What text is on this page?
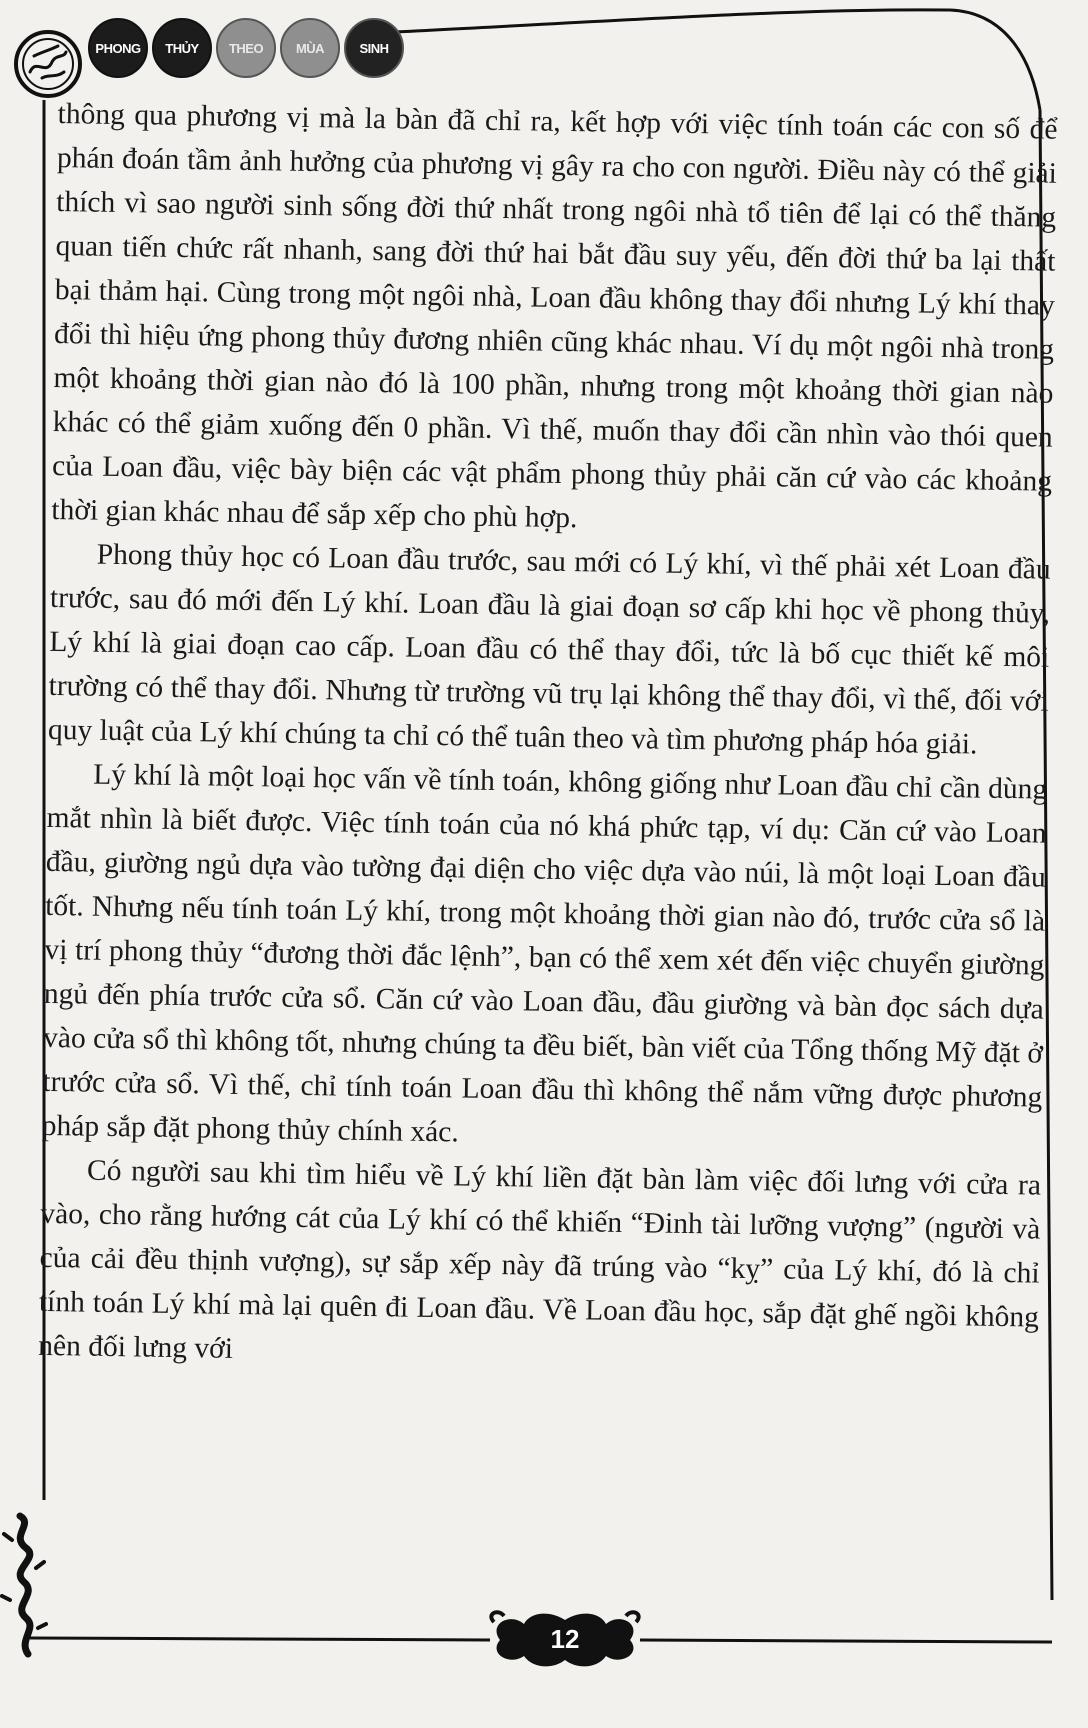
PHONG	THỦY	THEO	MÙA	SINH

thông qua phương vị mà la bàn đã chỉ ra, kết hợp với việc tính toán các con số để phán đoán tầm ảnh hưởng của phương vị gây ra cho con người. Điều này có thể giải thích vì sao người sinh sống đời thứ nhất trong ngôi nhà tổ tiên để lại có thể thăng quan tiến chức rất nhanh, sang đời thứ hai bắt đầu suy yếu, đến đời thứ ba lại thất bại thảm hại. Cùng trong một ngôi nhà, Loan đầu không thay đổi nhưng Lý khí thay đổi thì hiệu ứng phong thủy đương nhiên cũng khác nhau. Ví dụ một ngôi nhà trong một khoảng thời gian nào đó là 100 phần, nhưng trong một khoảng thời gian nào khác có thể giảm xuống đến 0 phần. Vì thế, muốn thay đổi cần nhìn vào thói quen của Loan đầu, việc bày biện các vật phẩm phong thủy phải căn cứ vào các khoảng thời gian khác nhau để sắp xếp cho phù hợp.

Phong thủy học có Loan đầu trước, sau mới có Lý khí, vì thế phải xét Loan đầu trước, sau đó mới đến Lý khí. Loan đầu là giai đoạn sơ cấp khi học về phong thủy, Lý khí là giai đoạn cao cấp. Loan đầu có thể thay đổi, tức là bố cục thiết kế môi trường có thể thay đổi. Nhưng từ trường vũ trụ lại không thể thay đổi, vì thế, đối với quy luật của Lý khí chúng ta chỉ có thể tuân theo và tìm phương pháp hóa giải.

Lý khí là một loại học vấn về tính toán, không giống như Loan đầu chỉ cần dùng mắt nhìn là biết được. Việc tính toán của nó khá phức tạp, ví dụ: Căn cứ vào Loan đầu, giường ngủ dựa vào tường đại diện cho việc dựa vào núi, là một loại Loan đầu tốt. Nhưng nếu tính toán Lý khí, trong một khoảng thời gian nào đó, trước cửa sổ là vị trí phong thủy “đương thời đắc lệnh”, bạn có thể xem xét đến việc chuyển giường ngủ đến phía trước cửa sổ. Căn cứ vào Loan đầu, đầu giường và bàn đọc sách dựa vào cửa sổ thì không tốt, nhưng chúng ta đều biết, bàn viết của Tổng thống Mỹ đặt ở trước cửa sổ. Vì thế, chỉ tính toán Loan đầu thì không thể nắm vững được phương pháp sắp đặt phong thủy chính xác.

Có người sau khi tìm hiểu về Lý khí liền đặt bàn làm việc đối lưng với cửa ra vào, cho rằng hướng cát của Lý khí có thể khiến “Đinh tài lưỡng vượng” (người và của cải đều thịnh vượng), sự sắp xếp này đã trúng vào “kỵ” của Lý khí, đó là chỉ tính toán Lý khí mà lại quên đi Loan đầu. Về Loan đầu học, sắp đặt ghế ngồi không nên đối lưng với

12
